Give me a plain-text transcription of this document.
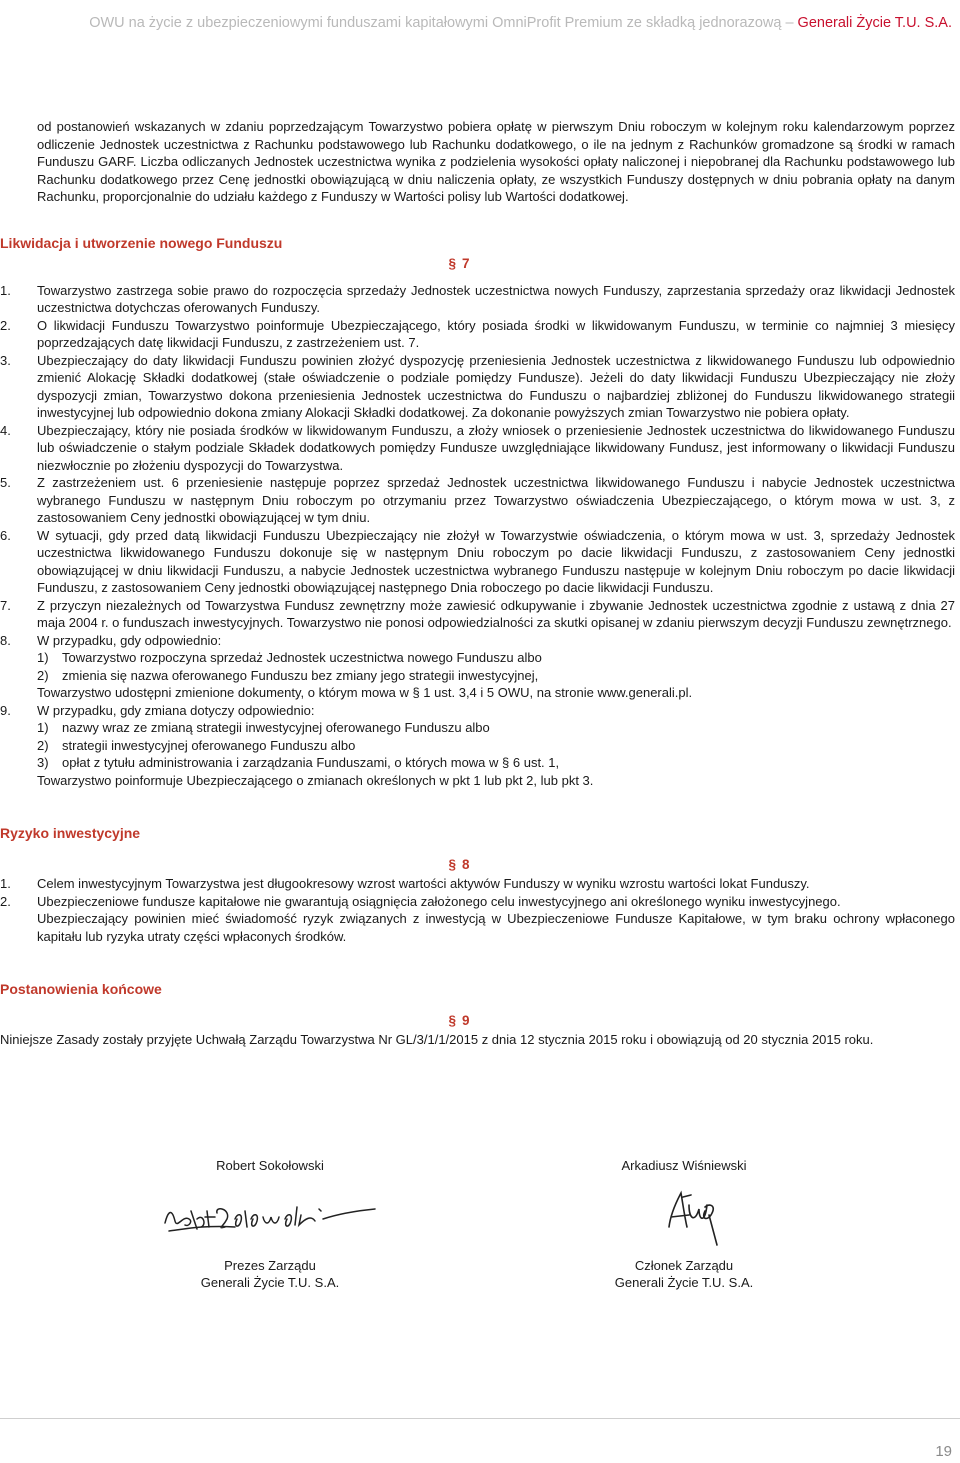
OWU na życie z ubezpieczeniowymi funduszami kapitałowymi OmniProfit Premium ze składką jednorazową – Generali Życie T.U. S.A.

od postanowień wskazanych w zdaniu poprzedzającym Towarzystwo pobiera opłatę w pierwszym Dniu roboczym w kolejnym roku kalendarzowym poprzez odliczenie Jednostek uczestnictwa z Rachunku podstawowego lub Rachunku dodatkowego, o ile na jednym z Rachunków gromadzone są środki w ramach Funduszu GARF. Liczba odliczanych Jednostek uczestnictwa wynika z podzielenia wysokości opłaty naliczonej i niepobranej dla Rachunku podstawowego lub Rachunku dodatkowego przez Cenę jednostki obowiązującą w dniu naliczenia opłaty, ze wszystkich Funduszy dostępnych w dniu pobrania opłaty na danym Rachunku, proporcjonalnie do udziału każdego z Funduszy w Wartości polisy lub Wartości dodatkowej.

Likwidacja i utworzenie nowego Funduszu

§ 7

1.	Towarzystwo zastrzega sobie prawo do rozpoczęcia sprzedaży Jednostek uczestnictwa nowych Funduszy, zaprzestania sprzedaży oraz likwidacji Jednostek uczestnictwa dotychczas oferowanych Funduszy.
2.	O likwidacji Funduszu Towarzystwo poinformuje Ubezpieczającego, który posiada środki w likwidowanym Funduszu, w terminie co najmniej 3 miesięcy poprzedzających datę likwidacji Funduszu, z zastrzeżeniem ust. 7.
3.	Ubezpieczający do daty likwidacji Funduszu powinien złożyć dyspozycję przeniesienia Jednostek uczestnictwa z likwidowanego Funduszu lub odpowiednio zmienić Alokację Składki dodatkowej (stałe oświadczenie o podziale pomiędzy Fundusze). Jeżeli do daty likwidacji Funduszu Ubezpieczający nie złoży dyspozycji zmian, Towarzystwo dokona przeniesienia Jednostek uczestnictwa do Funduszu o najbardziej zbliżonej do Funduszu likwidowanego strategii inwestycyjnej lub odpowiednio dokona zmiany Alokacji Składki dodatkowej. Za dokonanie powyższych zmian Towarzystwo nie pobiera opłaty.
4.	Ubezpieczający, który nie posiada środków w likwidowanym Funduszu, a złoży wniosek o przeniesienie Jednostek uczestnictwa do likwidowanego Funduszu lub oświadczenie o stałym podziale Składek dodatkowych pomiędzy Fundusze uwzględniające likwidowany Fundusz, jest informowany o likwidacji Funduszu niezwłocznie po złożeniu dyspozycji do Towarzystwa.
5.	Z zastrzeżeniem ust. 6 przeniesienie następuje poprzez sprzedaż Jednostek uczestnictwa likwidowanego Funduszu i nabycie Jednostek uczestnictwa wybranego Funduszu w następnym Dniu roboczym po otrzymaniu przez Towarzystwo oświadczenia Ubezpieczającego, o którym mowa w ust. 3, z zastosowaniem Ceny jednostki obowiązującej w tym dniu.
6.	W sytuacji, gdy przed datą likwidacji Funduszu Ubezpieczający nie złożył w Towarzystwie oświadczenia, o którym mowa w ust. 3, sprzedaży Jednostek uczestnictwa likwidowanego Funduszu dokonuje się w następnym Dniu roboczym po dacie likwidacji Funduszu, z zastosowaniem Ceny jednostki obowiązującej w dniu likwidacji Funduszu, a nabycie Jednostek uczestnictwa wybranego Funduszu następuje w kolejnym Dniu roboczym po dacie likwidacji Funduszu, z zastosowaniem Ceny jednostki obowiązującej następnego Dnia roboczego po dacie likwidacji Funduszu.
7.	Z przyczyn niezależnych od Towarzystwa Fundusz zewnętrzny może zawiesić odkupywanie i zbywanie Jednostek uczestnictwa zgodnie z ustawą z dnia 27 maja 2004 r. o funduszach inwestycyjnych. Towarzystwo nie ponosi odpowiedzialności za skutki opisanej w zdaniu pierwszym decyzji Funduszu zewnętrznego.
8.	W przypadku, gdy odpowiednio:
1) Towarzystwo rozpoczyna sprzedaż Jednostek uczestnictwa nowego Funduszu albo
2) zmienia się nazwa oferowanego Funduszu bez zmiany jego strategii inwestycyjnej,
Towarzystwo udostępni zmienione dokumenty, o którym mowa w § 1 ust. 3,4 i 5 OWU, na stronie www.generali.pl.
9.	W przypadku, gdy zmiana dotyczy odpowiednio:
1) nazwy wraz ze zmianą strategii inwestycyjnej oferowanego Funduszu albo
2) strategii inwestycyjnej oferowanego Funduszu albo
3) opłat z tytułu administrowania i zarządzania Funduszami, o których mowa w § 6 ust. 1,
Towarzystwo poinformuje Ubezpieczającego o zmianach określonych w pkt 1 lub pkt 2, lub pkt 3.

Ryzyko inwestycyjne

§ 8

1.	Celem inwestycyjnym Towarzystwa jest długookresowy wzrost wartości aktywów Funduszy w wyniku wzrostu wartości lokat Funduszy.
2.	Ubezpieczeniowe fundusze kapitałowe nie gwarantują osiągnięcia założonego celu inwestycyjnego ani określonego wyniku inwestycyjnego.
Ubezpieczający powinien mieć świadomość ryzyk związanych z inwestycją w Ubezpieczeniowe Fundusze Kapitałowe, w tym braku ochrony wpłaconego kapitału lub ryzyka utraty części wpłaconych środków.

Postanowienia końcowe

§ 9

Niniejsze Zasady zostały przyjęte Uchwałą Zarządu Towarzystwa Nr GL/3/1/1/2015 z dnia 12 stycznia 2015 roku i obowiązują od 20 stycznia 2015 roku.

Robert Sokołowski
Prezes Zarządu
Generali Życie T.U. S.A.
Arkadiusz Wiśniewski
Członek Zarządu
Generali Życie T.U. S.A.
19
